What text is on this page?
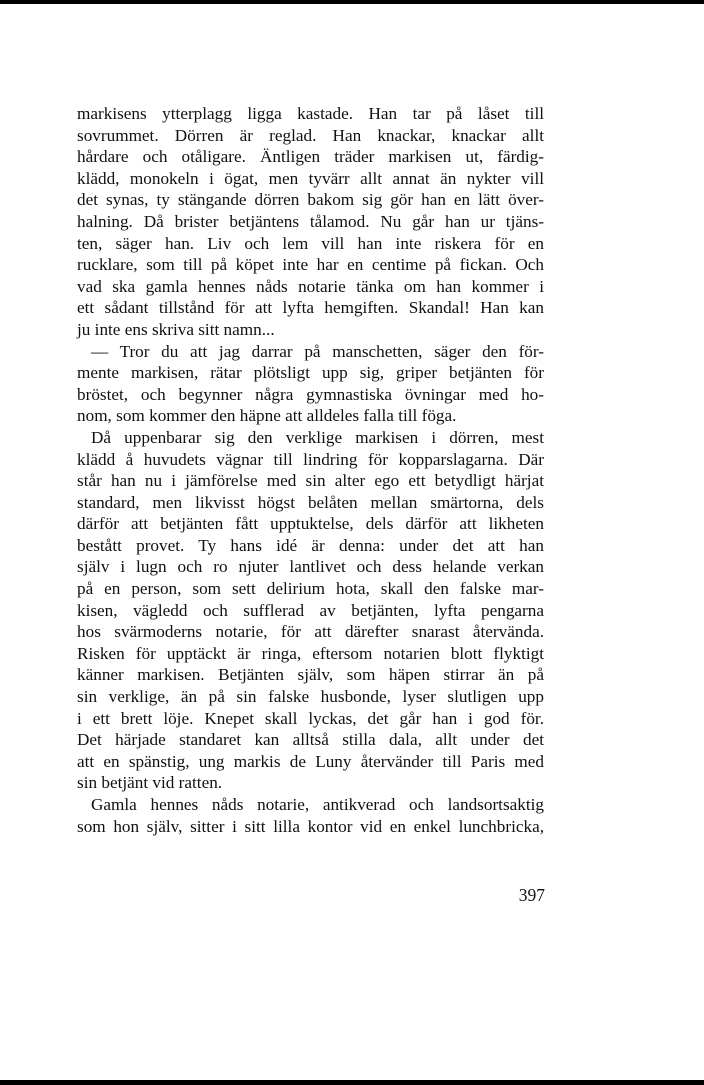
markisens ytterplagg ligga kastade. Han tar på låset till
sovrummet. Dörren är reglad. Han knackar, knackar allt
hårdare och otåligare. Äntligen träder markisen ut, färdig-
klädd, monokeln i ögat, men tyvärr allt annat än nykter vill
det synas, ty stängande dörren bakom sig gör han en lätt över-
halning. Då brister betjäntens tålamod. Nu går han ur tjäns-
ten, säger han. Liv och lem vill han inte riskera för en
rucklare, som till på köpet inte har en centime på fickan. Och
vad ska gamla hennes nåds notarie tänka om han kommer i
ett sådant tillstånd för att lyfta hemgiften. Skandal! Han kan
ju inte ens skriva sitt namn...
— Tror du att jag darrar på manschetten, säger den för-
mente markisen, rätar plötsligt upp sig, griper betjänten för
bröstet, och begynner några gymnastiska övningar med ho-
nom, som kommer den häpne att alldeles falla till föga.
Då uppenbarar sig den verklige markisen i dörren, mest
klädd å huvudets vägnar till lindring för kopparslagarna. Där
står han nu i jämförelse med sin alter ego ett betydligt härjat
standard, men likvisst högst belåten mellan smärtorna, dels
därför att betjänten fått upptuktelse, dels därför att likheten
bestått provet. Ty hans idé är denna: under det att han
själv i lugn och ro njuter lantlivet och dess helande verkan
på en person, som sett delirium hota, skall den falske mar-
kisen, vägledd och sufflerad av betjänten, lyfta pengarna
hos svärmoderns notarie, för att därefter snarast återvända.
Risken för upptäckt är ringa, eftersom notarien blott flyktigt
känner markisen. Betjänten själv, som häpen stirrar än på
sin verklige, än på sin falske husbonde, lyser slutligen upp
i ett brett löje. Knepet skall lyckas, det går han i god för.
Det härjade standaret kan alltså stilla dala, allt under det
att en spänstig, ung markis de Luny återvänder till Paris med
sin betjänt vid ratten.
Gamla hennes nåds notarie, antikverad och landsortsaktig
som hon själv, sitter i sitt lilla kontor vid en enkel lunchbricka,
397
